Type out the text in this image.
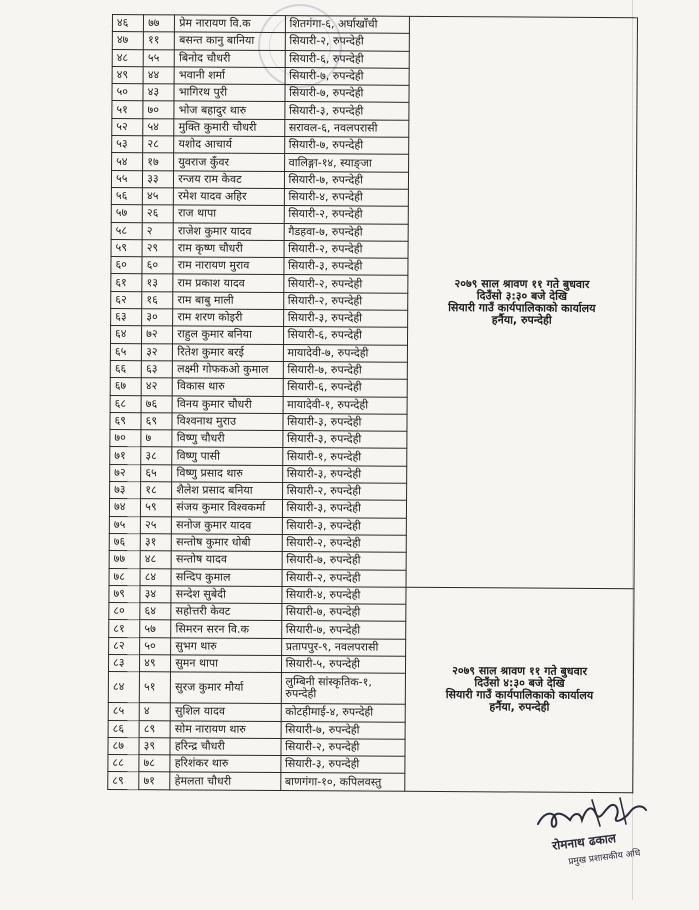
४६	७७	प्रेम नारायण वि.क	शितगंगा-६, अर्घाखाँची	२०७९ साल श्रावण ११ गते बुधवार
दिउँसो ३:३० बजे देखि
सियारी गाउँ कार्यपालिकाको कार्यालय
हर्नैया, रुपन्देही

४७	११	बसन्त कानु बानिया	सियारी-२, रुपन्देही	
४८	५५	बिनोद चौधरी	सियारी-६, रुपन्देही	
४९	४४	भवानी शर्मा	सियारी-७, रुपन्देही	
५०	४३	भागिरथ पुरी	सियारी-७, रुपन्देही	
५१	७०	भोज बहादुर थारु	सियारी-३, रुपन्देही	
५२	५४	मुक्ति कुमारी चौधरी	सरावल-६, नवलपरासी	
५३	२८	यशोद आचार्य	सियारी-७, रुपन्देही	
५४	१७	युवराज कुँवर	वालिङ्गा-१४, स्याङ्जा	
५५	३३	रन्जय राम केवट	सियारी-७, रुपन्देही	
५६	४५	रमेश यादव अहिर	सियारी-४, रुपन्देही	
५७	२६	राज थापा	सियारी-२, रुपन्देही	
५८	२	राजेश कुमार यादव	गैडहवा-७, रुपन्देही	
५९	२९	राम कृष्ण चौधरी	सियारी-२, रुपन्देही	
६०	६०	राम नारायण मुराव	सियारी-३, रुपन्देही	
६१	१३	राम प्रकाश यादव	सियारी-२, रुपन्देही	
६२	१६	राम बाबु माली	सियारी-२, रुपन्देही	
६३	३०	राम शरण कोइरी	सियारी-३, रुपन्देही	
६४	७२	राहुल कुमार बनिया	सियारी-६, रुपन्देही	
६५	३२	रितेश कुमार बरई	मायादेवी-७, रुपन्देही	
६६	६३	लक्ष्मी गोफकओ कुमाल	सियारी-७, रुपन्देही	
६७	४२	विकास थारु	सियारी-६, रुपन्देही	
६८	७६	विनय कुमार चौधरी	मायादेवी-१, रुपन्देही	
६९	६९	विश्वनाथ मुराउ	सियारी-३, रुपन्देही	
७०	७	विष्णु चौधरी	सियारी-३, रुपन्देही	
७१	३८	विष्णु पासी	सियारी-१, रुपन्देही	
७२	६५	विष्णु प्रसाद थारु	सियारी-३, रुपन्देही	
७३	१८	शैलेश प्रसाद बनिया	सियारी-२, रुपन्देही	
७४	५९	संजय कुमार विश्वकर्मा	सियारी-३, रुपन्देही	
७५	२५	सनोज कुमार यादव	सियारी-३, रुपन्देही	
७६	३१	सन्तोष कुमार धोबी	सियारी-२, रुपन्देही	
७७	४८	सन्तोष यादव	सियारी-७, रुपन्देही	
७८	८४	सन्दिप कुमाल	सियारी-२, रुपन्देही	
७९	३४	सन्देश सुबेदी	सियारी-४, रुपन्देही	२०७९ साल श्रावण ११ गते बुधवार
दिउँसो ४:३० बजे देखि
सियारी गाउँ कार्यपालिकाको कार्यालय
हर्नैया, रुपन्देही

८०	६४	सहोत्तरी केवट	सियारी-७, रुपन्देही	
८१	५७	सिमरन सरन वि.क	सियारी-७, रुपन्देही	
८२	५०	सुभग थारु	प्रतापपुर-९, नवलपरासी	
८३	४९	सुमन थापा	सियारी-५, रुपन्देही	
८४	५१	सुरज कुमार मौर्या	लुम्बिनी सांस्कृतिक-१, रुपन्देही	
८५	४	सुशिल यादव	कोटहीमाई-४, रुपन्देही	
८६	८९	सोम नारायण थारु	सियारी-७, रुपन्देही	
८७	३९	हरिन्द्र चौधरी	सियारी-२, रुपन्देही	
८८	७८	हरिशंकर थारु	सियारी-३, रुपन्देही	
८९	७१	हेमलता चौधरी	बाणगंगा-१०, कपिलवस्तु	
रोमनाथ ढकाल
प्रमुख प्रशासकीय अधि
